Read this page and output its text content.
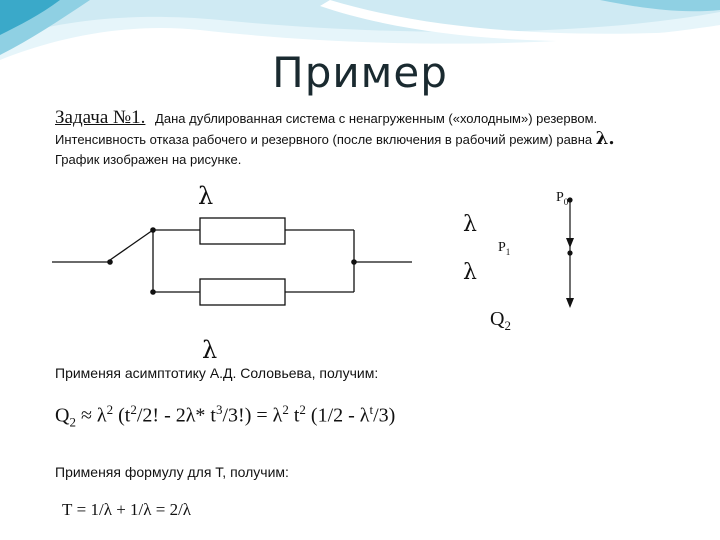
Пример
Задача №1. Дана дублированная система с ненагруженным («холодным») резервом.
Интенсивность отказа рабочего и резервного (после включения в рабочий режим) равна λ.
График изображен на рисунке.
λ
λ
λ
λ
$P_0$
$P_1$
$Q_2$
Применяя асимптотику А.Д. Соловьева, получим:
$Q_2 \approx \lambda^2$ ($t^2/2$! - 2λ* $t^3/3!) = \lambda^2$ $t^2$ $(1/2 - \lambda^t/3)$
Применяя формулу для Т, получим:
Т = 1/λ + 1/λ = 2/λ
